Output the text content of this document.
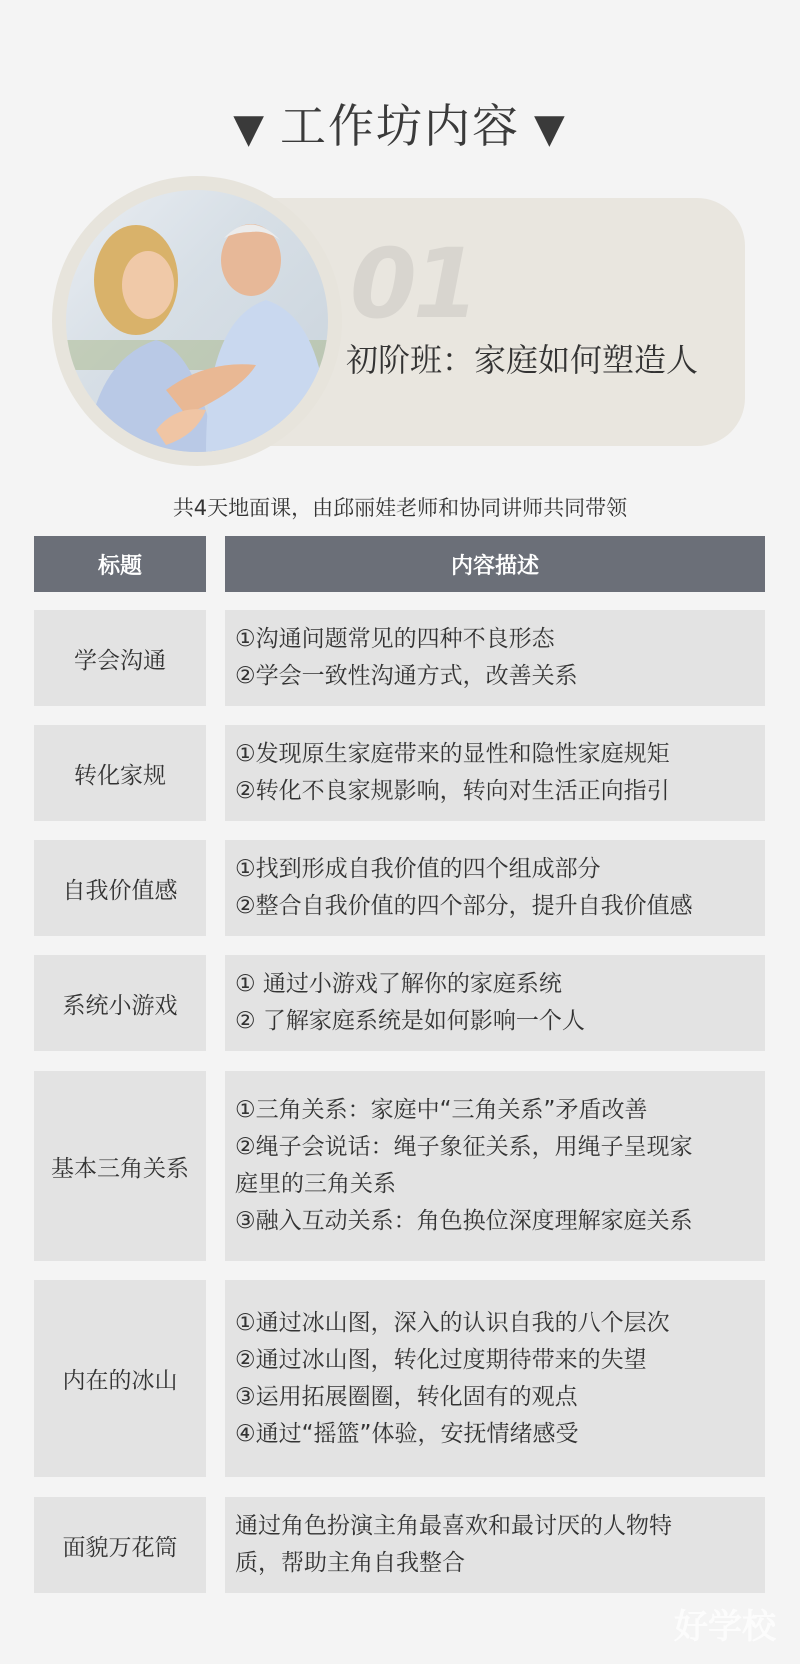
▼ 工作坊内容 ▼
01
初阶班：家庭如何塑造人
共4天地面课，由邱丽娃老师和协同讲师共同带领
标题	内容描述
学会沟通
①沟通问题常见的四种不良形态
②学会一致性沟通方式，改善关系
转化家规
①发现原生家庭带来的显性和隐性家庭规矩
②转化不良家规影响，转向对生活正向指引
自我价值感
①找到形成自我价值的四个组成部分
②整合自我价值的四个部分，提升自我价值感
系统小游戏
① 通过小游戏了解你的家庭系统
② 了解家庭系统是如何影响一个人
基本三角关系
①三角关系：家庭中“三角关系”矛盾改善
②绳子会说话：绳子象征关系，用绳子呈现家
庭里的三角关系
③融入互动关系：角色换位深度理解家庭关系
内在的冰山
①通过冰山图，深入的认识自我的八个层次
②通过冰山图，转化过度期待带来的失望
③运用拓展圈圈，转化固有的观点
④通过“摇篮”体验，安抚情绪感受
面貌万花筒
通过角色扮演主角最喜欢和最讨厌的人物特
质，帮助主角自我整合
好学校
